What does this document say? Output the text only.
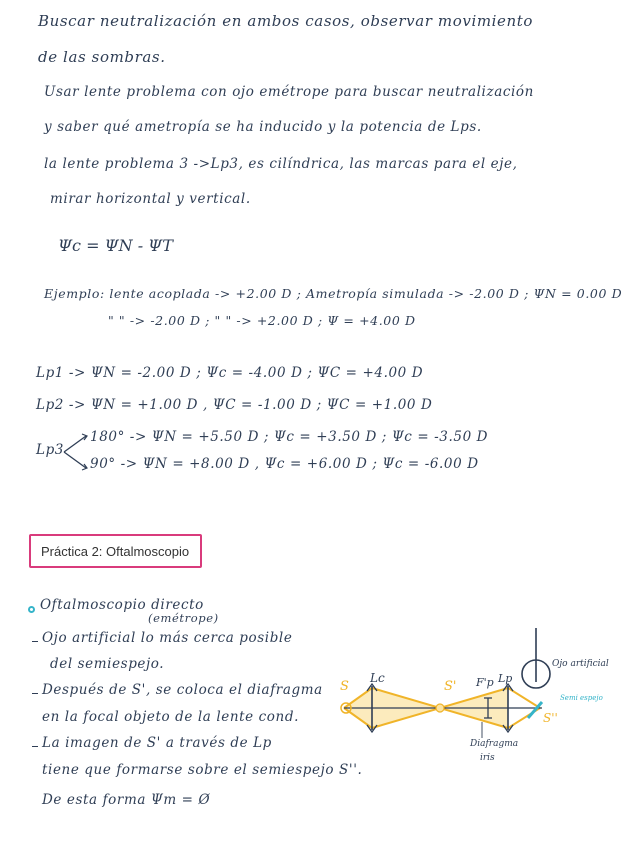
Buscar neutralización en ambos casos, observar movimiento
de las sombras.
Usar lente problema con ojo emétrope para buscar neutralización
y saber qué ametropía se ha inducido y la potencia de Lps.
la lente problema 3 ->Lp3, es cilíndrica, las marcas para el eje,
mirar horizontal y vertical.
Ψc = ΨN - ΨT
Ejemplo: lente acoplada -> +2.00 D ; Ametropía simulada -> -2.00 D ; ΨN = 0.00 D
" " -> -2.00 D ; " " -> +2.00 D ; Ψ = +4.00 D
Lp1 -> ΨN = -2.00 D ; Ψc = -4.00 D ; ΨC = +4.00 D
Lp2 -> ΨN = +1.00 D , ΨC = -1.00 D ; ΨC = +1.00 D
Lp3
180° -> ΨN = +5.50 D ; Ψc = +3.50 D ; Ψc = -3.50 D
90° -> ΨN = +8.00 D , Ψc = +6.00 D ; Ψc = -6.00 D
Práctica 2: Oftalmoscopio
Oftalmoscopio directo
(emétrope)
Ojo artificial lo más cerca posible
del semiespejo.
Después de S', se coloca el diafragma
en la focal objeto de la lente cond.
La imagen de S' a través de Lp
tiene que formarse sobre el semiespejo S''.
De esta forma Ψm = Ø
S
Lc
S' F'p Lp
S''
Ojo artificial
Semi espejo
Diafragma
iris
